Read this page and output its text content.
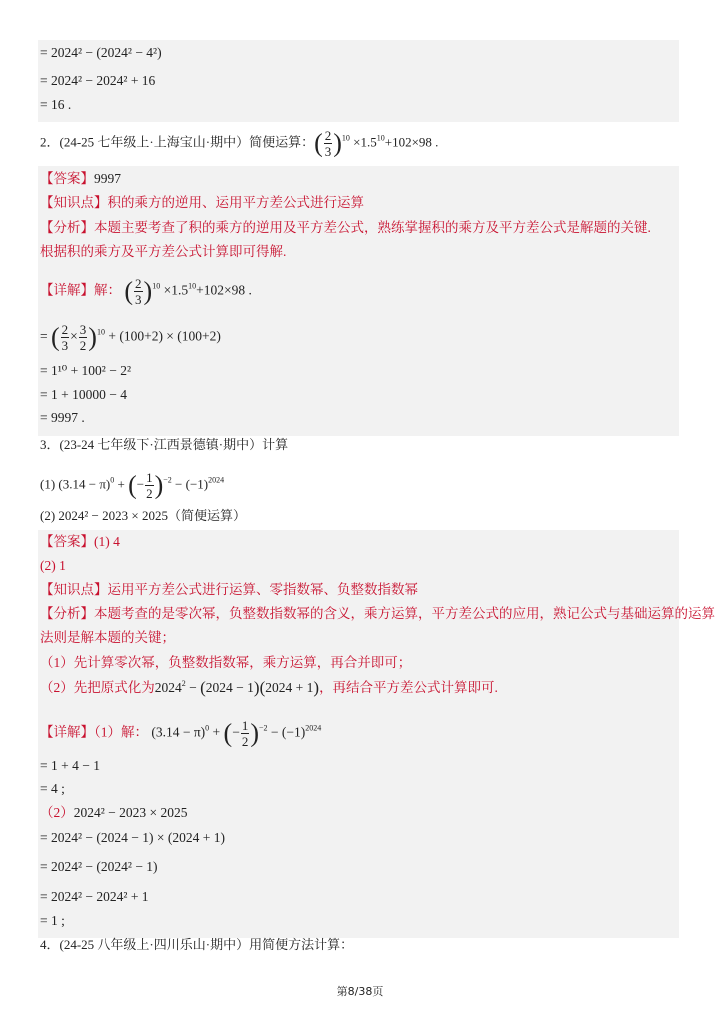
= 2024² − (2024² − 4²)
= 2024² − 2024² + 16
= 16 .
2．(24-25 七年级上·上海宝山·期中）简便运算：( $\frac{2}{3} )^{10} \times 1.5^{10}+102\times 98$ .
【答案】9997
【知识点】积的乘方的逆用、运用平方差公式进行运算
【分析】本题主要考查了积的乘方的逆用及平方差公式，熟练掌握积的乘方及平方差公式是解题的关键.
根据积的乘方及平方差公式计算即可得解.
【详解】解： ( $\frac{2}{3} )^{10} \times 1.5^{10}+102\times 98$ .
= ( $\frac{2}{3} \times \frac{3}{2} )^{10} + (100+2) \times (100+2)$
= 1¹⁰ + 100² − 2²
= 1 + 10000 − 4
= 9997 .
3．(23-24 七年级下·江西景德镇·期中）计算
(1) $(3.14 - \pi)^0$ + (− $\frac{1}{2} )^{-2} - (-1)^{2024}$
(2) 2024² − 2023 × 2025（简便运算）
【答案】(1) 4
(2) 1
【知识点】运用平方差公式进行运算、零指数幂、负整数指数幂
【分析】本题考查的是零次幂，负整数指数幂的含义，乘方运算，平方差公式的应用，熟记公式与基础运算的运算
法则是解本题的关键；
（1）先计算零次幂，负整数指数幂，乘方运算，再合并即可；
（2）先把原式化为$2024^2 - (2024 - 1)(2024 + 1)$，再结合平方差公式计算即可.
【详解】（1）解： $(3.14 - \pi)^0$ + (− $\frac{1}{2} )^{-2} - (-1)^{2024}$
= 1 + 4 − 1
= 4 ;
（2）2024² − 2023 × 2025
= 2024² − (2024 − 1) × (2024 + 1)
= 2024² − (2024² − 1)
= 2024² − 2024² + 1
= 1 ;
4．(24-25 八年级上·四川乐山·期中）用简便方法计算：
第8/38页
